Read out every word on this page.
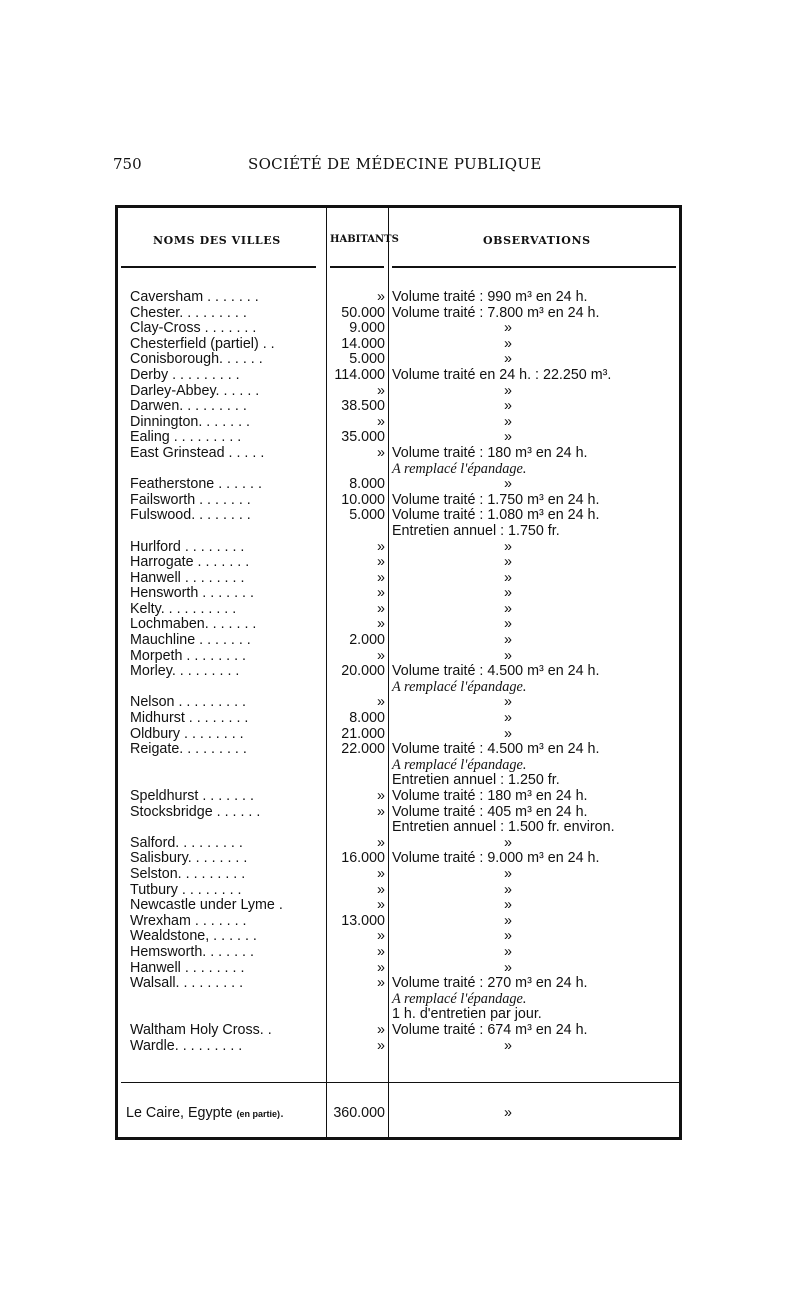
750	SOCIÉTÉ DE MÉDECINE PUBLIQUE
NOMS DES VILLES	HABITANTS	OBSERVATIONS
Caversham . . . . . . .	» Volume traité : 990 m³ en 24 h.
Chester. . . . . . . . .	50.000 Volume traité : 7.800 m³ en 24 h.
Clay-Cross . . . . . . .	9.000	»
Chesterfield (partiel) . .	14.000	»
Conisborough. . . . . .	5.000	»
Derby . . . . . . . . .	114.000 Volume traité en 24 h. : 22.250 m³.
Darley-Abbey. . . . . .	»	»
Darwen. . . . . . . . .	38.500	»
Dinnington. . . . . . .	»	»
Ealing . . . . . . . . .	35.000	»
East Grinstead . . . . .	» Volume traité : 180 m³ en 24 h.
A remplacé l'épandage.
Featherstone . . . . . .	8.000	»
Failsworth . . . . . . .	10.000 Volume traité : 1.750 m³ en 24 h.
Fulswood. . . . . . . .	5.000 Volume traité : 1.080 m³ en 24 h.
Entretien annuel : 1.750 fr.
Hurlford . . . . . . . .	»	»
Harrogate . . . . . . .	»	»
Hanwell . . . . . . . .	»	»
Hensworth . . . . . . .	»	»
Kelty. . . . . . . . . .	»	»
Lochmaben. . . . . . .	»	»
Mauchline . . . . . . .	2.000	»
Morpeth . . . . . . . .	»	»
Morley. . . . . . . . .	20.000 Volume traité : 4.500 m³ en 24 h.
A remplacé l'épandage.
Nelson . . . . . . . . .	»	»
Midhurst . . . . . . . .	8.000	»
Oldbury . . . . . . . .	21.000	»
Reigate. . . . . . . . .	22.000 Volume traité : 4.500 m³ en 24 h.
A remplacé l'épandage.
Entretien annuel : 1.250 fr.
Speldhurst . . . . . . .	» Volume traité : 180 m³ en 24 h.
Stocksbridge . . . . . .	» Volume traité : 405 m³ en 24 h.
Entretien annuel : 1.500 fr. environ.
Salford. . . . . . . . .	»	»
Salisbury. . . . . . . .	16.000 Volume traité : 9.000 m³ en 24 h.
Selston. . . . . . . . .	»	»
Tutbury . . . . . . . .	»	»
Newcastle under Lyme .	»	»
Wrexham . . . . . . .	13.000	»
Wealdstone, . . . . . .	»	»
Hemsworth. . . . . . .	»	»
Hanwell . . . . . . . .	»	»
Walsall. . . . . . . . .	» Volume traité : 270 m³ en 24 h.
A remplacé l'épandage.
1 h. d'entretien par jour.
Waltham Holy Cross. .	» Volume traité : 674 m³ en 24 h.
Wardle. . . . . . . . .	»	»
Le Caire, Egypte (en partie).	360.000	»
